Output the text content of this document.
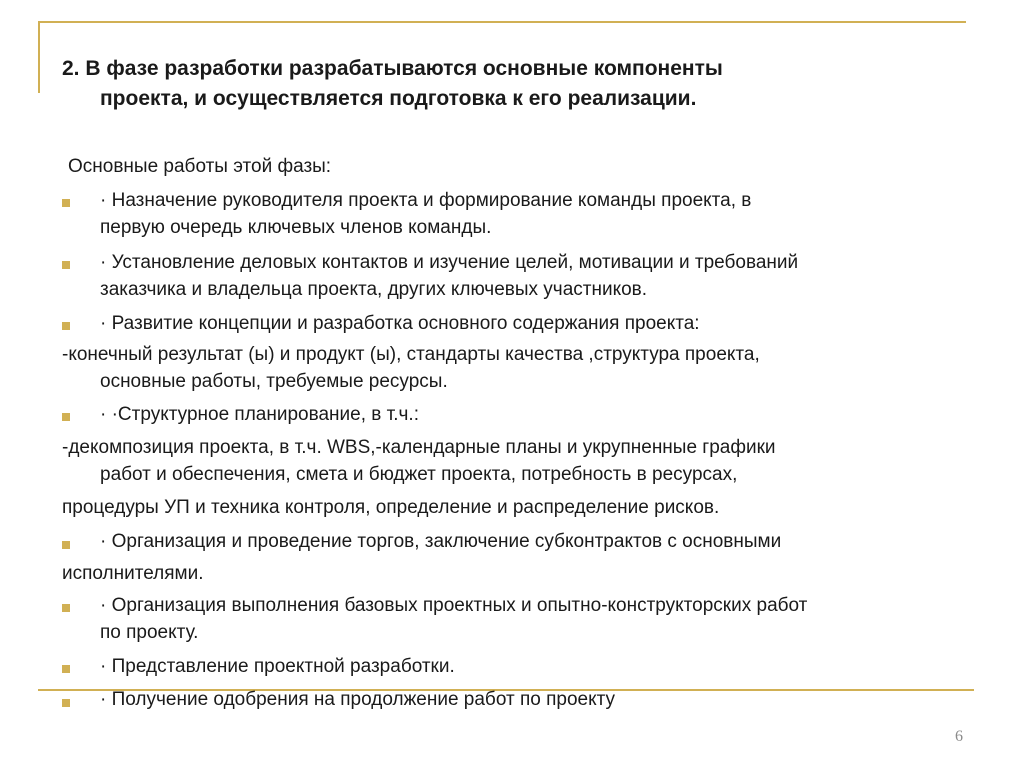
2. В фазе разработки разрабатываются основные компоненты
проекта, и осуществляется подготовка к его реализации.
Основные работы этой фазы:
· Назначение руководителя проекта и формирование команды проекта, в
первую очередь ключевых членов команды.
· Установление деловых контактов и изучение целей, мотивации и требований
заказчика и владельца проекта, других ключевых участников.
· Развитие концепции и разработка основного содержания проекта:
-конечный результат (ы) и продукт (ы), стандарты качества ,структура проекта,
основные работы, требуемые ресурсы.
· ·Структурное планирование, в т.ч.:
-декомпозиция проекта, в т.ч. WBS,-календарные планы и укрупненные графики
работ и обеспечения, смета и бюджет проекта, потребность в ресурсах,
процедуры УП и техника контроля, определение и распределение рисков.
· Организация и проведение торгов, заключение субконтрактов с основными
исполнителями.
· Организация выполнения базовых проектных и опытно-конструкторских работ
по проекту.
· Представление проектной разработки.
· Получение одобрения на продолжение работ по проекту
6
